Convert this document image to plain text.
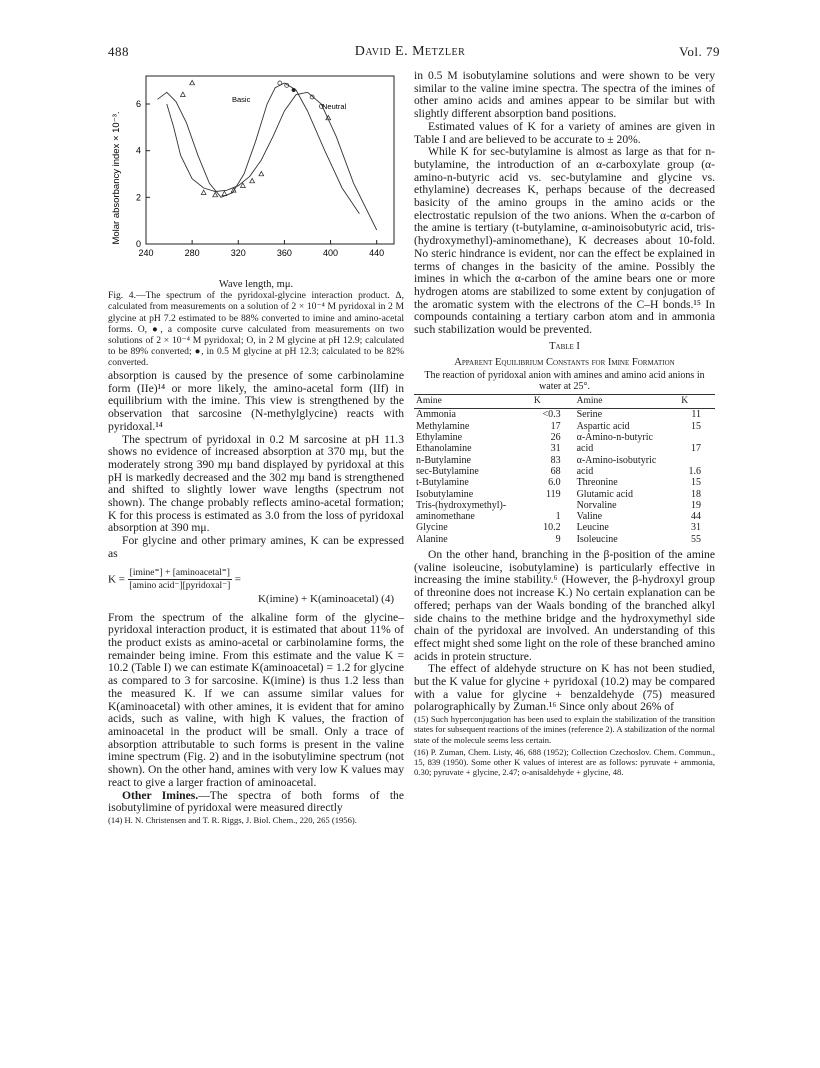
488	David E. Metzler	Vol. 79
240	280	320	360	400	440
0
2
4
6
Molar absorbancy index × 10⁻³.
Basic
Neutral
Wave length, mμ.

Fig. 4.—The spectrum of the pyridoxal-glycine interaction product. Δ, calculated from measurements on a solution of 2 × 10⁻⁴ M pyridoxal in 2 M glycine at pH 7.2 estimated to be 88% converted to imine and amino-acetal forms. O, ●, a composite curve calculated from measurements on two solutions of 2 × 10⁻⁴ M pyridoxal; O, in 2 M glycine at pH 12.9; calculated to be 89% converted; ●, in 0.5 M glycine at pH 12.3; calculated to be 82% converted.

absorption is caused by the presence of some carbinolamine form (IIe)¹⁴ or more likely, the amino-acetal form (IIf) in equilibrium with the imine. This view is strengthened by the observation that sarcosine (N-methylglycine) reacts with pyridoxal.¹⁴

The spectrum of pyridoxal in 0.2 M sarcosine at pH 11.3 shows no evidence of increased absorption at 370 mμ, but the moderately strong 390 mμ band displayed by pyridoxal at this pH is markedly decreased and the 302 mμ band is strengthened and shifted to slightly lower wave lengths (spectrum not shown). The change probably reflects amino-acetal formation; K for this process is estimated as 3.0 from the loss of pyridoxal absorption at 390 mμ.

For glycine and other primary amines, K can be expressed as

$K = \frac{\text{[imine⁼] + [aminoacetal⁼]}}{\text{[amino acid⁻][pyridoxal⁻]}}$ =
K(imine) + K(aminoacetal) (4)

From the spectrum of the alkaline form of the glycine–pyridoxal interaction product, it is estimated that about 11% of the product exists as amino-acetal or carbinolamine forms, the remainder being imine. From this estimate and the value K = 10.2 (Table I) we can estimate K(aminoacetal) = 1.2 for glycine as compared to 3 for sarcosine. K(imine) is thus 1.2 less than the measured K. If we can assume similar values for K(aminoacetal) with other amines, it is evident that for amino acids, such as valine, with high K values, the fraction of aminoacetal in the product will be small. Only a trace of absorption attributable to such forms is present in the valine imine spectrum (Fig. 2) and in the isobutylimine spectrum (not shown). On the other hand, amines with very low K values may react to give a larger fraction of aminoacetal.

Other Imines.—The spectra of both forms of the isobutylimine of pyridoxal were measured directly

(14) H. N. Christensen and T. R. Riggs, J. Biol. Chem., 220, 265 (1956).

in 0.5 M isobutylamine solutions and were shown to be very similar to the valine imine spectra. The spectra of the imines of other amino acids and amines appear to be similar but with slightly different absorption band positions.

Estimated values of K for a variety of amines are given in Table I and are believed to be accurate to ± 20%.

While K for sec-butylamine is almost as large as that for n-butylamine, the introduction of an α-carboxylate group (α-amino-n-butyric acid vs. sec-butylamine and glycine vs. ethylamine) decreases K, perhaps because of the decreased basicity of the amino groups in the amino acids or the electrostatic repulsion of the two anions. When the α-carbon of the amine is tertiary (t-butylamine, α-aminoisobutyric acid, tris-(hydroxymethyl)-aminomethane), K decreases about 10-fold. No steric hindrance is evident, nor can the effect be explained in terms of changes in the basicity of the amine. Possibly the imines in which the α-carbon of the amine bears one or more hydrogen atoms are stabilized to some extent by conjugation of the aromatic system with the electrons of the C–H bonds.¹⁵ In compounds containing a tertiary carbon atom and in ammonia such stabilization would be prevented.

Table I
Apparent Equilibrium Constants for Imine Formation
The reaction of pyridoxal anion with amines and amino acid anions in water at 25°.
Amine	K	Amine	K
Ammonia	<0.3	Serine	11
Methylamine	17	Aspartic acid	15
Ethylamine	26	α-Amino-n-butyric	
Ethanolamine	31	acid	17
n-Butylamine	83	α-Amino-isobutyric	
sec-Butylamine	68	acid	1.6
t-Butylamine	6.0	Threonine	15
Isobutylamine	119	Glutamic acid	18
Tris-(hydroxymethyl)-		Norvaline	19
aminomethane	1	Valine	44
Glycine	10.2	Leucine	31
Alanine	9	Isoleucine	55

On the other hand, branching in the β-position of the amine (valine isoleucine, isobutylamine) is particularly effective in increasing the imine stability.⁶ (However, the β-hydroxyl group of threonine does not increase K.) No certain explanation can be offered; perhaps van der Waals bonding of the branched alkyl side chains to the methine bridge and the hydroxymethyl side chain of the pyridoxal are involved. An understanding of this effect might shed some light on the role of these branched amino acids in protein structure.

The effect of aldehyde structure on K has not been studied, but the K value for glycine + pyridoxal (10.2) may be compared with a value for glycine + benzaldehyde (75) measured polarographically by Zuman.¹⁶ Since only about 26% of

(15) Such hyperconjugation has been used to explain the stabilization of the transition states for subsequent reactions of the imines (reference 2). A stabilization of the normal state of the molecule seems less certain.

(16) P. Zuman, Chem. Listy, 46, 688 (1952); Collection Czechoslov. Chem. Commun., 15, 839 (1950). Some other K values of interest are as follows: pyruvate + ammonia, 0.30; pyruvate + glycine, 2.47; o-anisaldehyde + glycine, 48.
